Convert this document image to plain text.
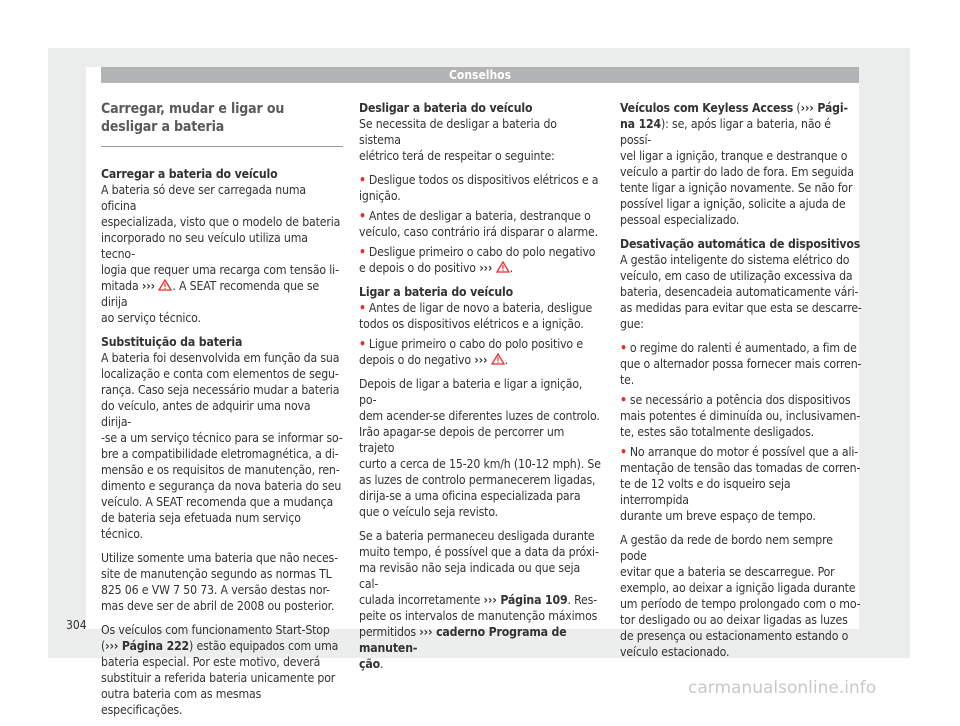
Conselhos
Carregar, mudar e ligar ou desligar a bateria

Carregar a bateria do veículo

A bateria só deve ser carregada numa oficina
especializada, visto que o modelo de bateria
incorporado no seu veículo utiliza uma tecno-
logia que requer uma recarga com tensão li-
mitada ››› . A SEAT recomenda que se dirija
ao serviço técnico.

Substituição da bateria

A bateria foi desenvolvida em função da sua
localização e conta com elementos de segu-
rança. Caso seja necessário mudar a bateria
do veículo, antes de adquirir uma nova dirija-
-se a um serviço técnico para se informar so-
bre a compatibilidade eletromagnética, a di-
mensão e os requisitos de manutenção, ren-
dimento e segurança da nova bateria do seu
veículo. A SEAT recomenda que a mudança
de bateria seja efetuada num serviço técnico.

Utilize somente uma bateria que não neces-
site de manutenção segundo as normas TL
825 06 e VW 7 50 73. A versão destas nor-
mas deve ser de abril de 2008 ou posterior.

Os veículos com funcionamento Start-Stop
(››› Página 222) estão equipados com uma
bateria especial. Por este motivo, deverá
substituir a referida bateria unicamente por
outra bateria com as mesmas especificações.

Desligar a bateria do veículo

Se necessita de desligar a bateria do sistema
elétrico terá de respeitar o seguinte:

• Desligue todos os dispositivos elétricos e a
ignição.

• Antes de desligar a bateria, destranque o
veículo, caso contrário irá disparar o alarme.

• Desligue primeiro o cabo do polo negativo
e depois o do positivo ››› .

Ligar a bateria do veículo

• Antes de ligar de novo a bateria, desligue
todos os dispositivos elétricos e a ignição.

• Ligue primeiro o cabo do polo positivo e
depois o do negativo ››› .

Depois de ligar a bateria e ligar a ignição, po-
dem acender-se diferentes luzes de controlo.
Irão apagar-se depois de percorrer um trajeto
curto a cerca de 15-20 km/h (10-12 mph). Se
as luzes de controlo permanecerem ligadas,
dirija-se a uma oficina especializada para
que o veículo seja revisto.

Se a bateria permaneceu desligada durante
muito tempo, é possível que a data da próxi-
ma revisão não seja indicada ou que seja cal-
culada incorretamente ››› Página 109. Res-
peite os intervalos de manutenção máximos
permitidos ››› caderno Programa de manuten-
ção.

Veículos com Keyless Access (››› Pági-
na 124): se, após ligar a bateria, não é possí-
vel ligar a ignição, tranque e destranque o
veículo a partir do lado de fora. Em seguida
tente ligar a ignição novamente. Se não for
possível ligar a ignição, solicite a ajuda de
pessoal especializado.

Desativação automática de dispositivos

A gestão inteligente do sistema elétrico do
veículo, em caso de utilização excessiva da
bateria, desencadeia automaticamente vári-
as medidas para evitar que esta se descarre-
gue:

• o regime do ralenti é aumentado, a fim de
que o alternador possa fornecer mais corren-
te.

• se necessário a potência dos dispositivos
mais potentes é diminuída ou, inclusivamen-
te, estes são totalmente desligados.

• No arranque do motor é possível que a ali-
mentação de tensão das tomadas de corren-
te de 12 volts e do isqueiro seja interrompida
durante um breve espaço de tempo.

A gestão da rede de bordo nem sempre pode
evitar que a bateria se descarregue. Por
exemplo, ao deixar a ignição ligada durante
um período de tempo prolongado com o mo-
tor desligado ou ao deixar ligadas as luzes
de presença ou estacionamento estando o
veículo estacionado.

304
carmanualsonline.info
